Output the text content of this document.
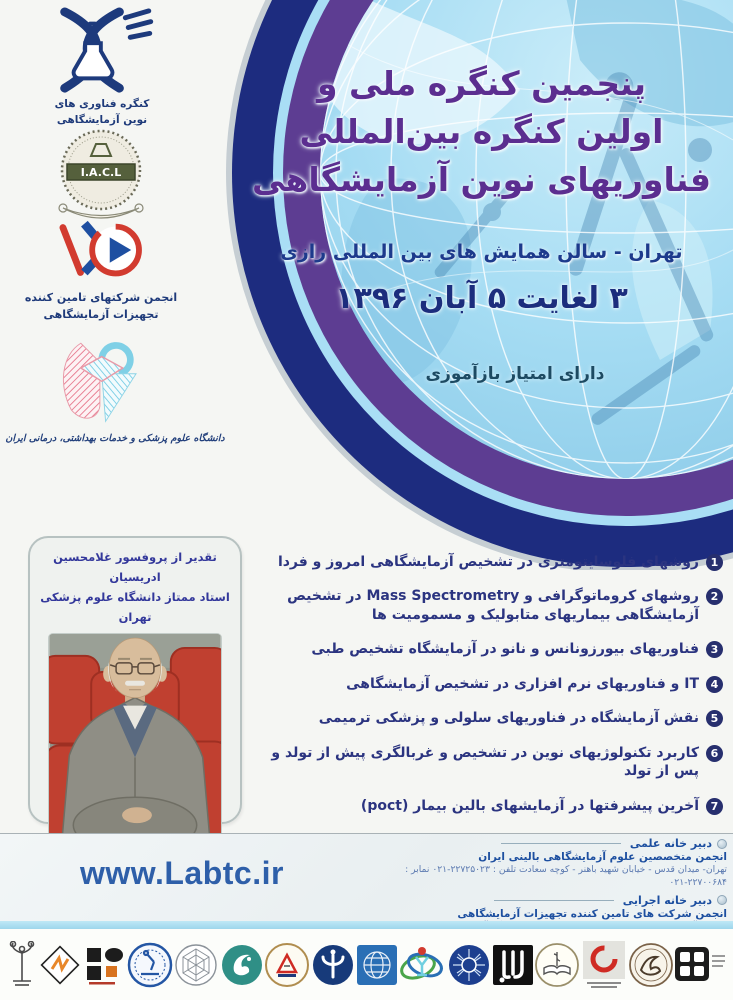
پنجمین کنگره ملی و
اولین کنگره بین‌المللی
فناوریهای نوین آزمایشگاهی
تهران - سالن همایش های بین المللی رازی
۳ لغایت ۵ آبان ۱۳۹۶
دارای امتیاز بازآموزی
کنگره فناوری های
نوین آزمایشگاهی
I.A.C.L
انجمن شرکتهای تامین کننده
تجهیزات آزمایشگاهی
دانشگاه علوم پزشکی و خدمات بهداشتی، درمانی ایران
تقدیر از پروفسور غلامحسین ادریسیان
استاد ممتاز دانشگاه علوم پزشکی تهران
1
روشهای فلوسایتومتری در تشخیص آزمایشگاهی امروز و فردا
2
روشهای کروماتوگرافی و Mass Spectrometry در تشخیص آزمایشگاهی بیماریهای متابولیک و مسمومیت ها
3
فناوریهای بیورزونانس و نانو در آزمایشگاه تشخیص طبی
4
IT و فناوریهای نرم افزاری در تشخیص آزمایشگاهی
5
نقش آزمایشگاه در فناوریهای سلولی و پزشکی ترمیمی
6
کاربرد تکنولوژیهای نوین در تشخیص و غربالگری پیش از تولد و پس از تولد
7
آخرین پیشرفتها در آزمایشهای بالین بیمار (poct)
دبیر خانه علمی
انجمن متخصصین علوم آزمایشگاهی بالینی ایران
تهران- میدان قدس - خیابان شهید باهنر - کوچه سعادت تلفن : ۲۲۷۲۵۰۲۳-۰۲۱ نمابر : ۲۲۷۰۰۶۸۴-۰۲۱
دبیر خانه اجرایی
انجمن شرکت های تامین کننده تجهیزات آزمایشگاهی
www.Labtc.ir
